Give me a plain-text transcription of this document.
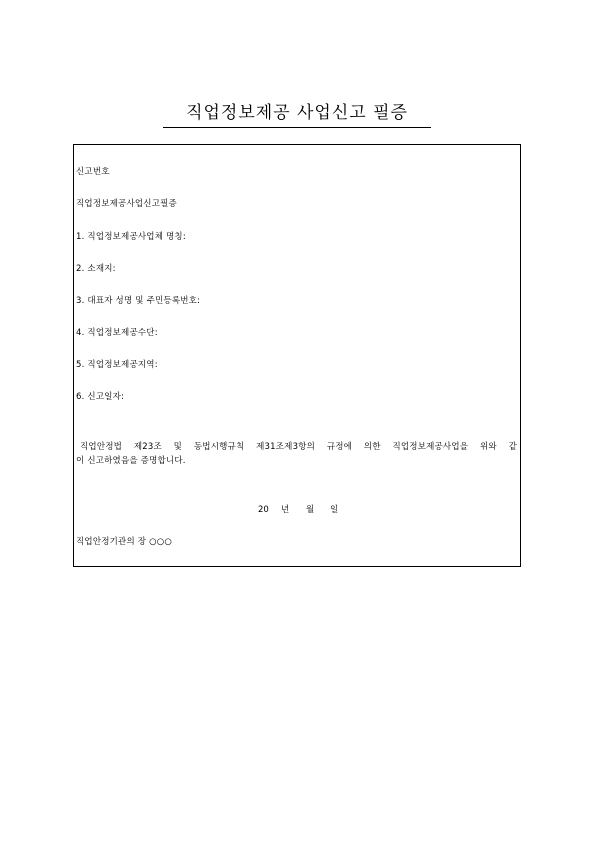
직업정보제공 사업신고 필증
신고번호
직업정보제공사업신고필증
1. 직업정보제공사업체 명칭:
2. 소재지:
3. 대표자 성명 및 주민등록번호:
4. 직업정보제공수단:
5. 직업정보제공지역:
6. 신고일자:
직업안정법 제23조 및 동법시행규칙 제31조제3항의 규정에 의한 직업정보제공사업을 위와 같
이 신고하였음을 증명합니다.
20 년 월 일
직업안정기관의 장 ○○○
